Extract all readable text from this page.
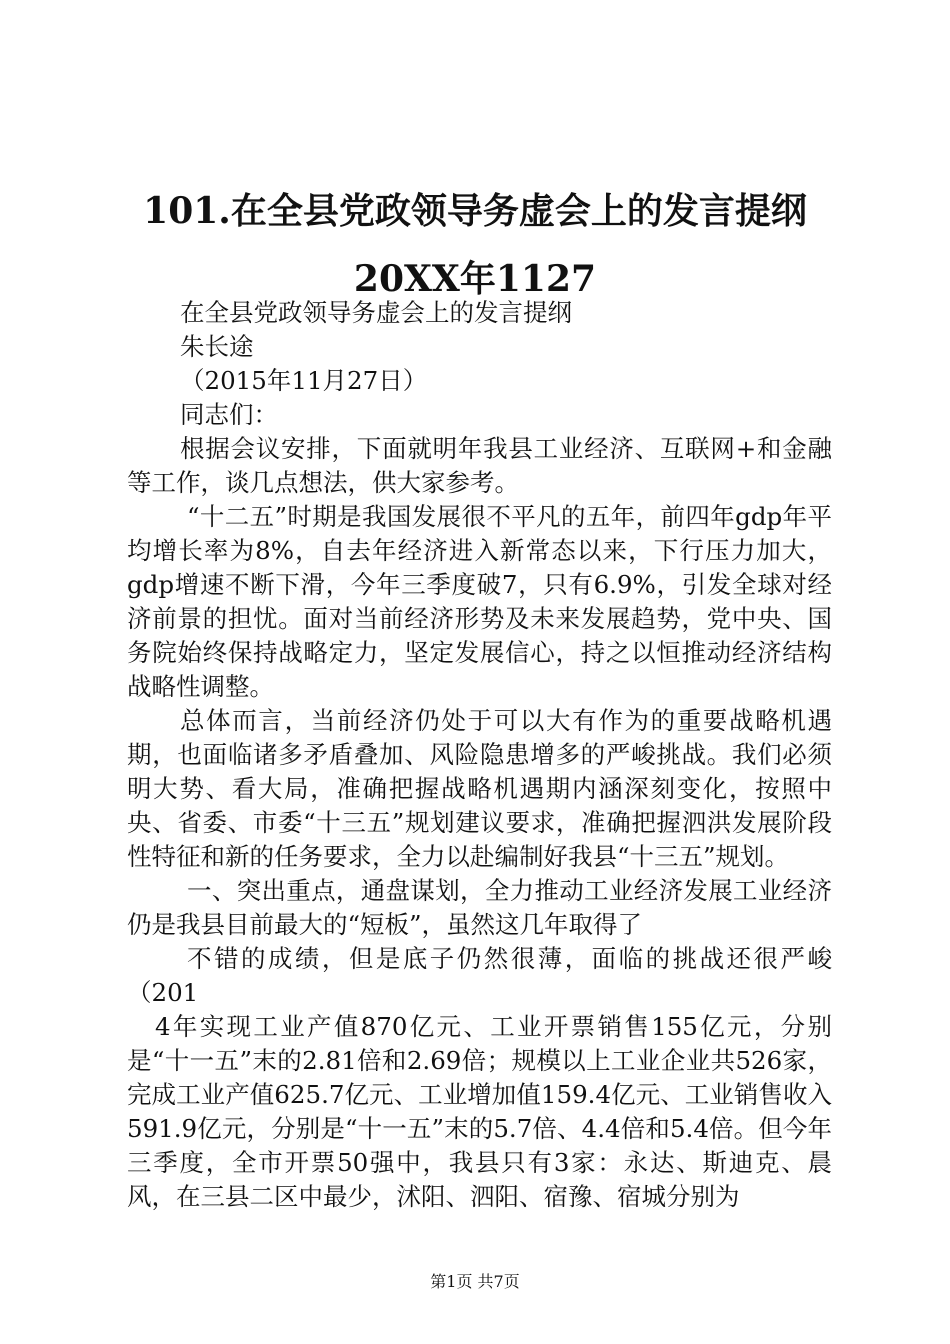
101.在全县党政领导务虚会上的发言提纲
20XX年1127

在全县党政领导务虚会上的发言提纲

朱长途

（2015年11月27日）

同志们：

根据会议安排，下面就明年我县工业经济、互联网+和金融等工作，谈几点想法，供大家参考。

“十二五”时期是我国发展很不平凡的五年，前四年gdp年平均增长率为8%，自去年经济进入新常态以来，下行压力加大，gdp增速不断下滑，今年三季度破7，只有6.9%，引发全球对经济前景的担忧。面对当前经济形势及未来发展趋势，党中央、国务院始终保持战略定力，坚定发展信心，持之以恒推动经济结构战略性调整。

总体而言，当前经济仍处于可以大有作为的重要战略机遇期，也面临诸多矛盾叠加、风险隐患增多的严峻挑战。我们必须明大势、看大局，准确把握战略机遇期内涵深刻变化，按照中央、省委、市委“十三五”规划建议要求，准确把握泗洪发展阶段性特征和新的任务要求，全力以赴编制好我县“十三五”规划。

一、突出重点，通盘谋划，全力推动工业经济发展工业经济仍是我县目前最大的“短板”，虽然这几年取得了

不错的成绩，但是底子仍然很薄，面临的挑战还很严峻（201

4年实现工业产值870亿元、工业开票销售155亿元，分别是“十一五”末的2.81倍和2.69倍；规模以上工业企业共526家，完成工业产值625.7亿元、工业增加值159.4亿元、工业销售收入591.9亿元，分别是“十一五”末的5.7倍、4.4倍和5.4倍。但今年三季度，全市开票50强中，我县只有3家：永达、斯迪克、晨风，在三县二区中最少，沭阳、泗阳、宿豫、宿城分别为

第1页 共7页
